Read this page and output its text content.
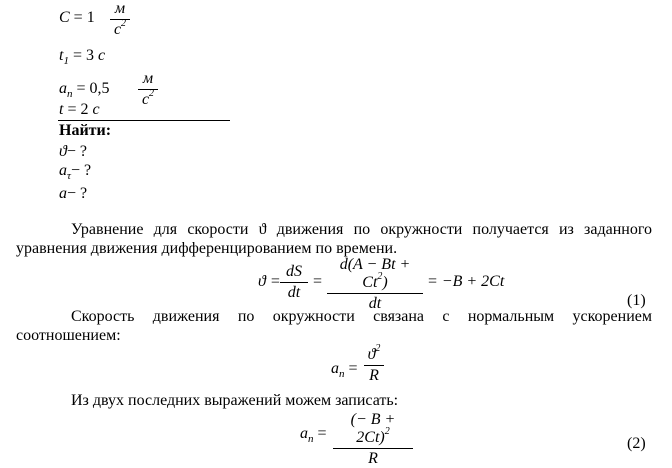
C = 1
м
$с^2$
$t_1 = 3$ с
$a_n = 0,5$
м
$с^2$
t = 2 с
Найти:
ϑ− ?
$a_\tau-$ ?
a− ?
Уравнение для скорости ϑ движения по окружности получается из заданного уравнения движения дифференцированием по времени.
ϑ =
dS
dt
=
$d(A - Bt + Ct^2)$
dt
= −B + 2Ct
(1)
Скорость движения по окружности связана с нормальным ускорением соотношением:
$a_n$ =
$ϑ^2$
R
Из двух последних выражений можем записать:
$a_n$ =
(− B + 2Ct)$^2$
R
(2)
